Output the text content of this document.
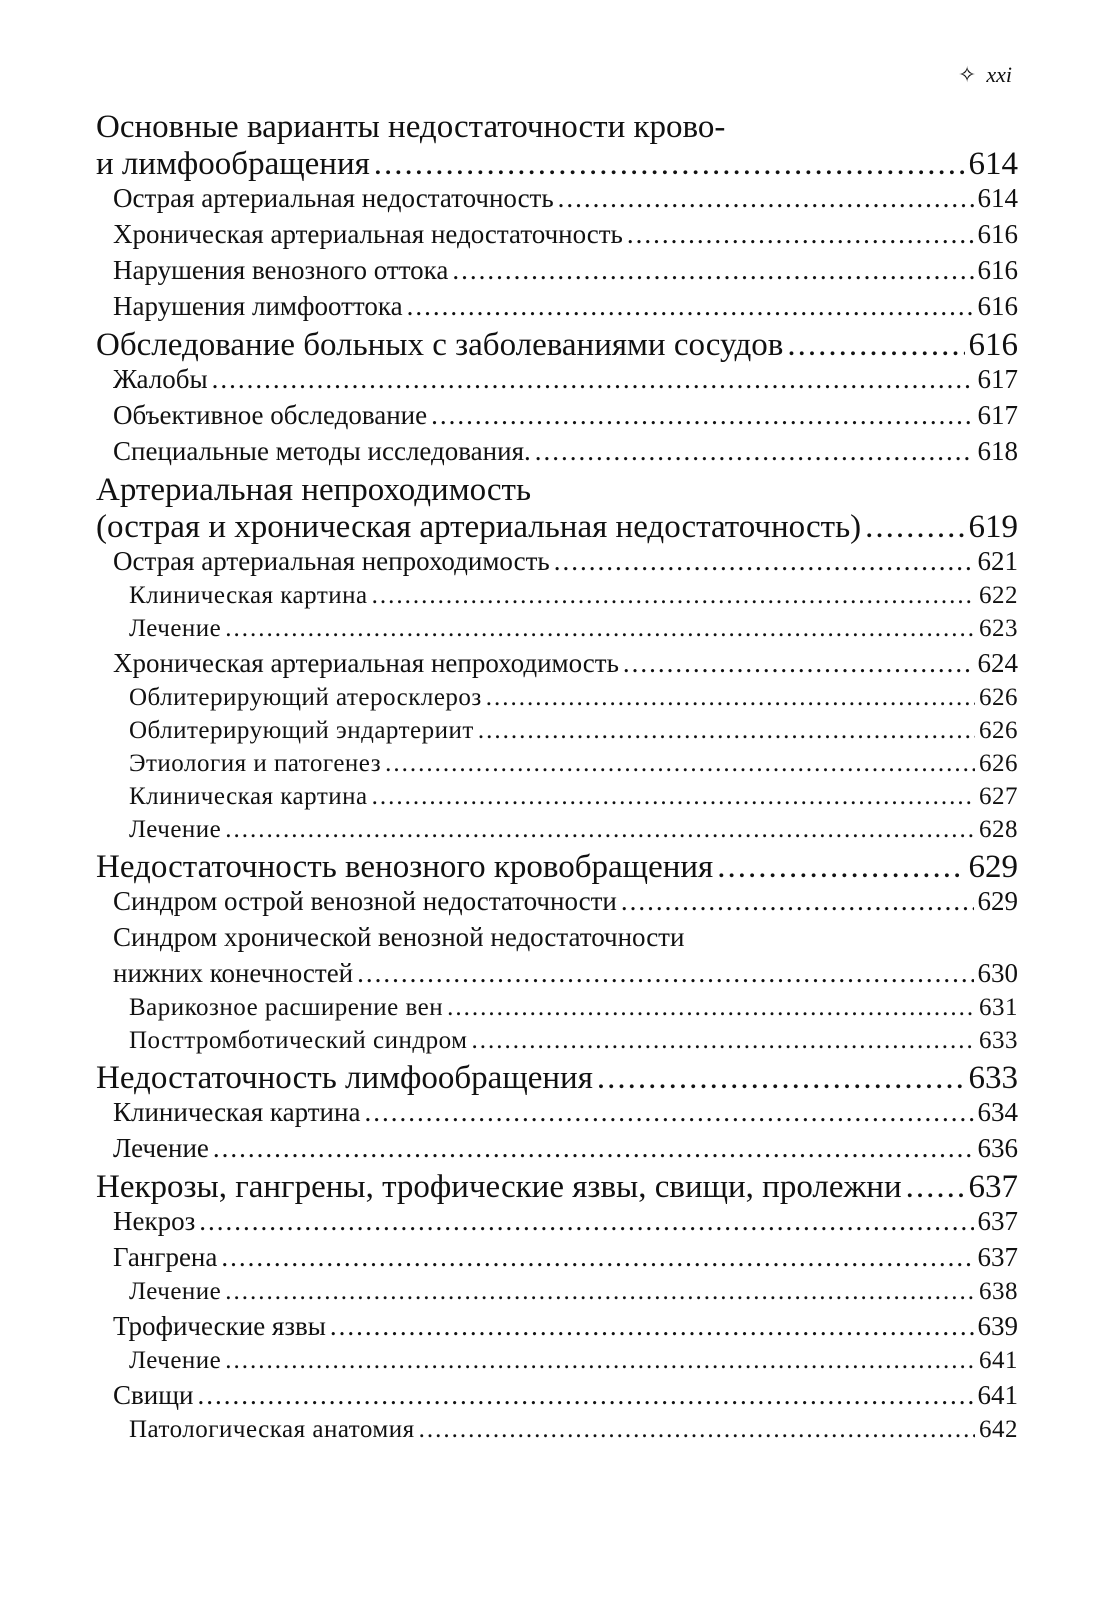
✧ xxi
Основные варианты недостаточности крово-
и лимфообращения .....	614
Острая артериальная недостаточность .....	614
Хроническая артериальная недостаточность .....	616
Нарушения венозного оттока .....	616
Нарушения лимфооттока .....	616
Обследование больных с заболеваниями сосудов .....	616
Жалобы .....	617
Объективное обследование .....	617
Специальные методы исследования. .....	618
Артериальная непроходимость
(острая и хроническая артериальная недостаточность) .....	619
Острая артериальная непроходимость .....	621
Клиническая картина .....	622
Лечение .....	623
Хроническая артериальная непроходимость .....	624
Облитерирующий атеросклероз .....	626
Облитерирующий эндартериит .....	626
Этиология и патогенез .....	626
Клиническая картина .....	627
Лечение .....	628
Недостаточность венозного кровобращения .....	629
Синдром острой венозной недостаточности .....	629
Синдром хронической венозной недостаточности
нижних конечностей .....	630
Варикозное расширение вен .....	631
Посттромботический синдром .....	633
Недостаточность лимфообращения .....	633
Клиническая картина .....	634
Лечение .....	636
Некрозы, гангрены, трофические язвы, свищи, пролежни ..... 637
Некроз .....	637
Гангрена .....	637
Лечение .....	638
Трофические язвы .....	639
Лечение .....	641
Свищи .....	641
Патологическая анатомия .....	642
